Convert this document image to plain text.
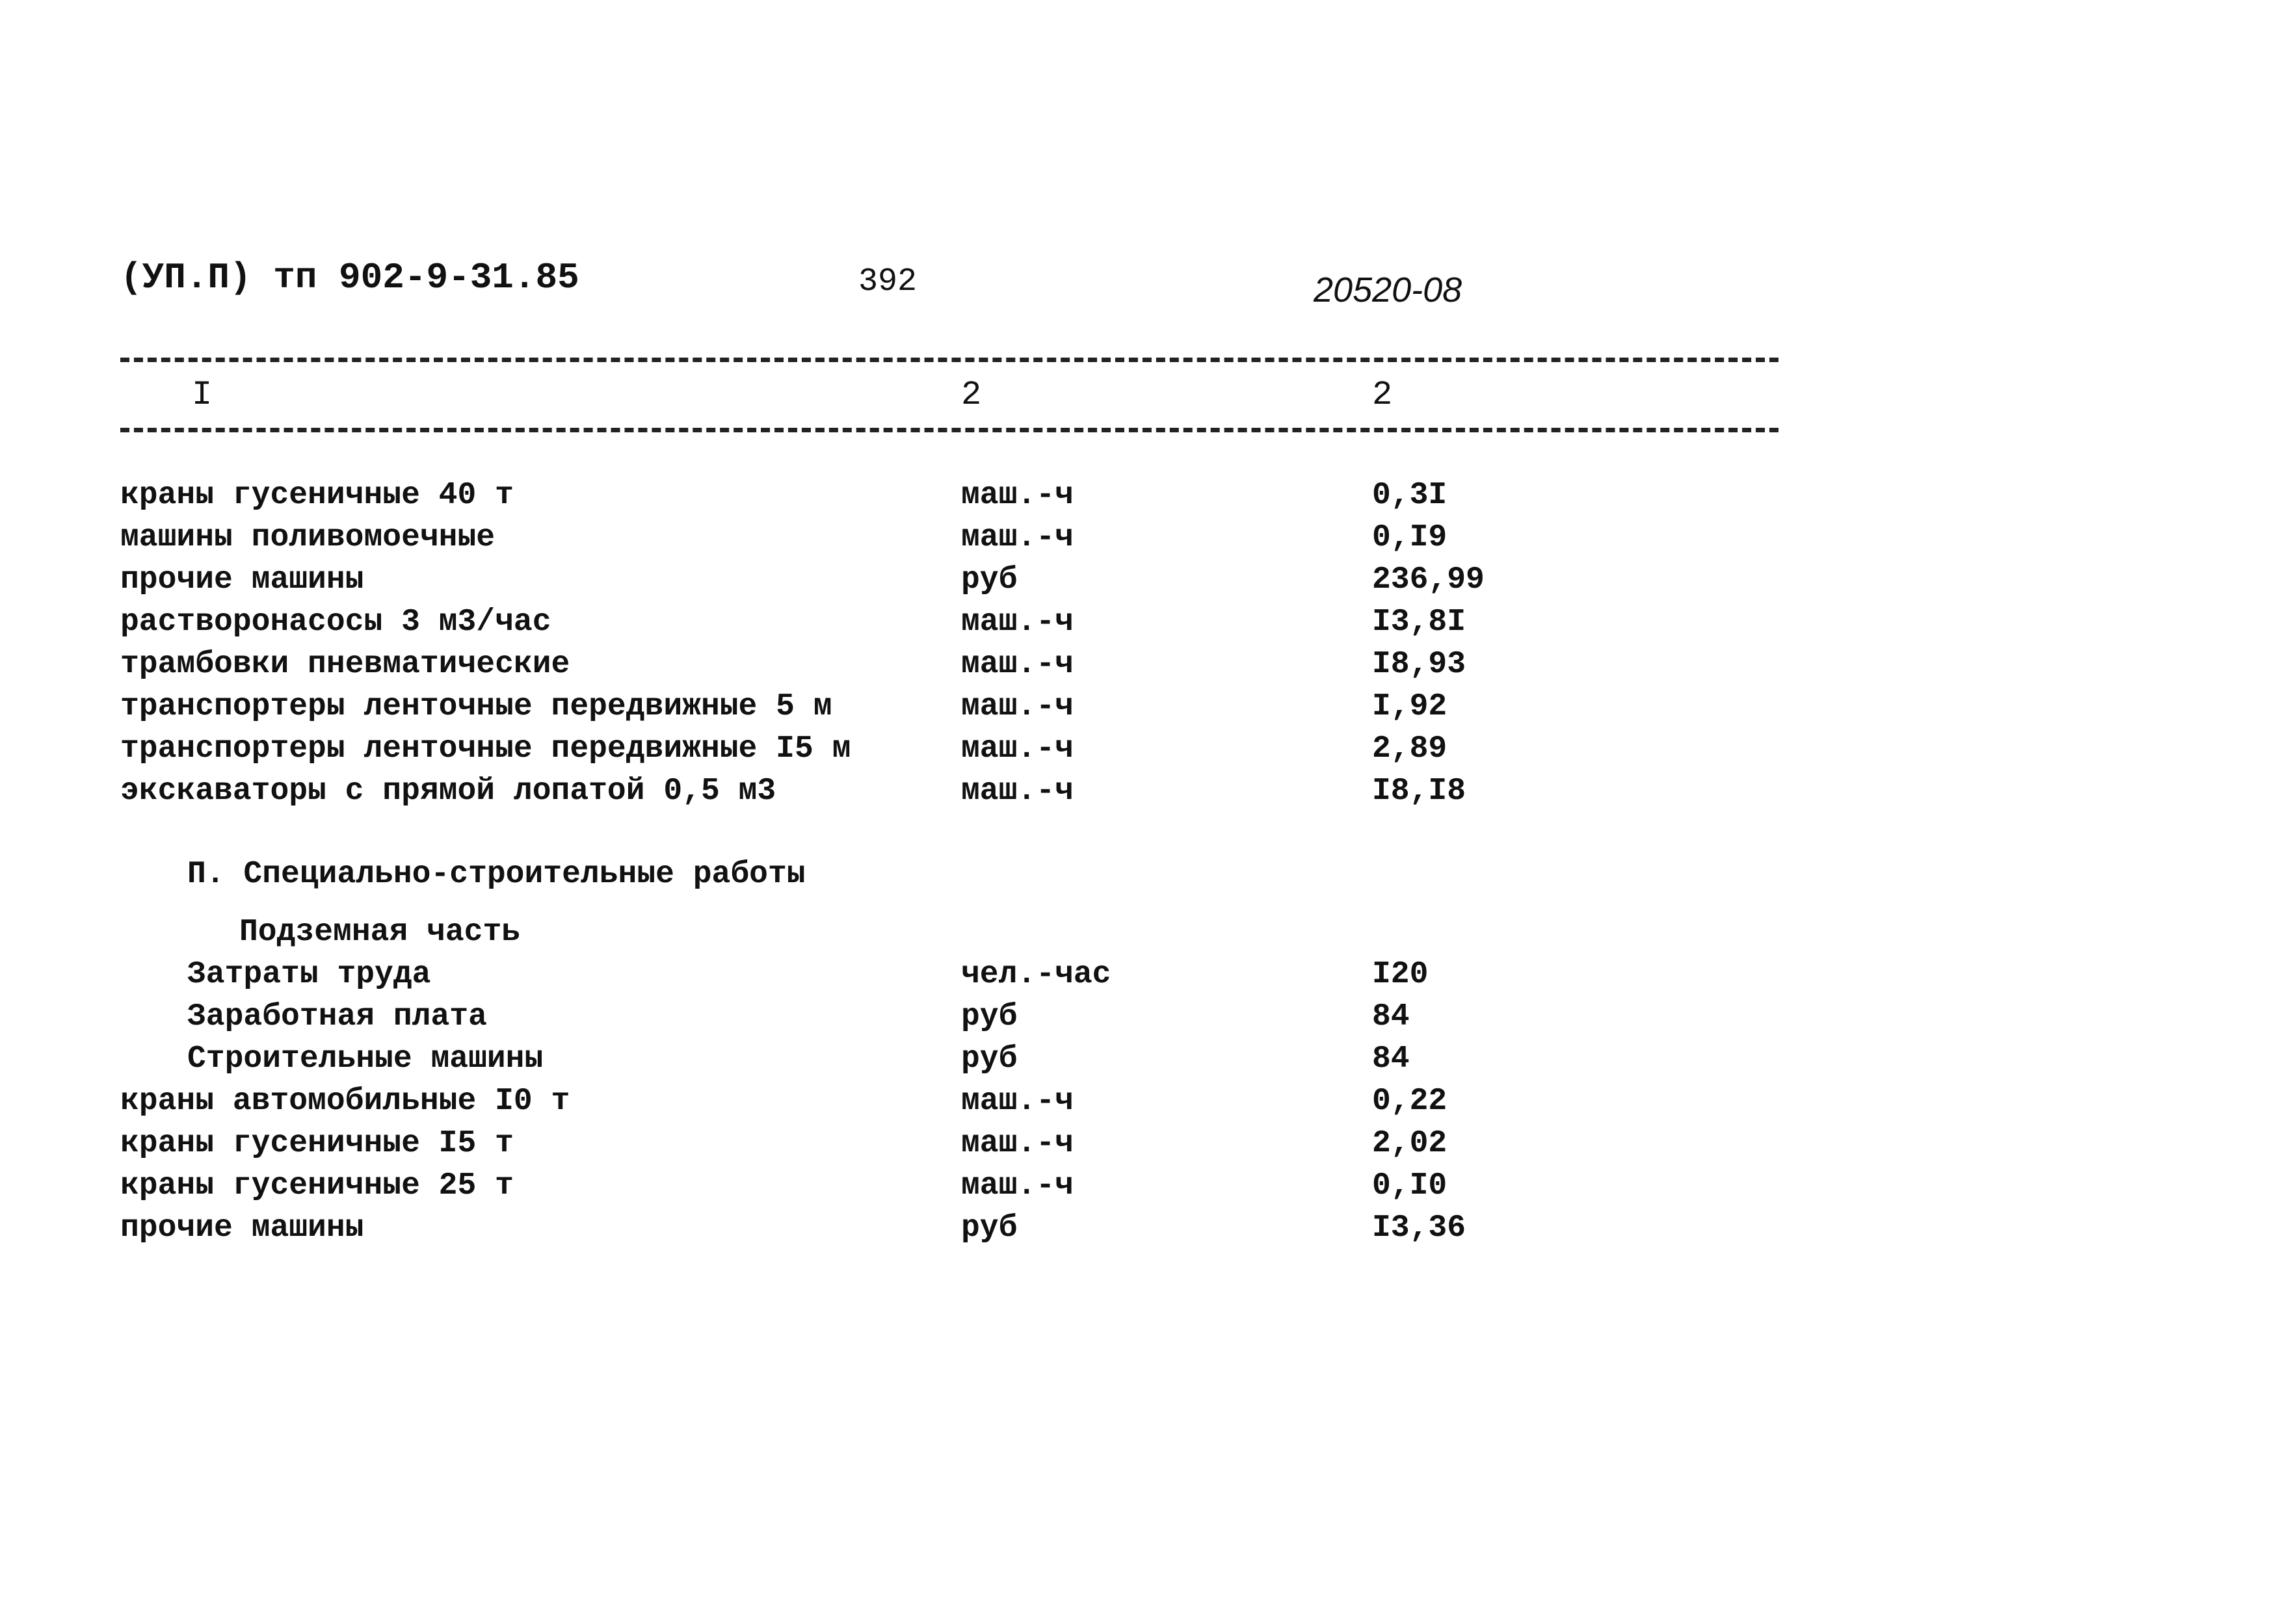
(УП.П) тп 902-9-31.85	392	20520-08
I	2	2
краны гусеничные 40 т	маш.-ч	0,3I
машины поливомоечные	маш.-ч	0,I9
прочие машины	руб	236,99
растворонасосы 3 м3/час	маш.-ч	I3,8I
трамбовки пневматические	маш.-ч	I8,93
транспортеры ленточные передвижные 5 м	маш.-ч	I,92
транспортеры ленточные передвижные I5 м	маш.-ч	2,89
экскаваторы с прямой лопатой 0,5 м3	маш.-ч	I8,I8
П. Специально-строительные работы
Подземная часть
Затраты труда	чел.-час	I20
Заработная плата	руб	84
Строительные машины	руб	84
краны автомобильные I0 т	маш.-ч	0,22
краны гусеничные I5 т	маш.-ч	2,02
краны гусеничные 25 т	маш.-ч	0,I0
прочие машины	руб	I3,36
